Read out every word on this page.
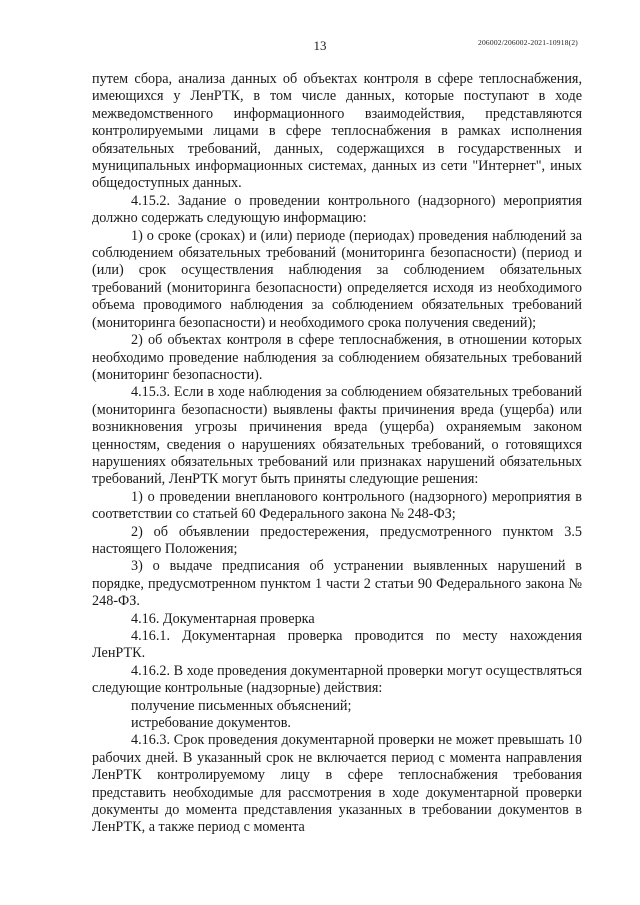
13	206002/206002-2021-10918(2)

путем сбора, анализа данных об объектах контроля в сфере теплоснабжения, имеющихся у ЛенРТК, в том числе данных, которые поступают в ходе межведомственного информационного взаимодействия, представляются контролируемыми лицами в сфере теплоснабжения в рамках исполнения обязательных требований, данных, содержащихся в государственных и муниципальных информационных системах, данных из сети "Интернет", иных общедоступных данных.

4.15.2. Задание о проведении контрольного (надзорного) мероприятия должно содержать следующую информацию:

1) о сроке (сроках) и (или) периоде (периодах) проведения наблюдений за соблюдением обязательных требований (мониторинга безопасности) (период и (или) срок осуществления наблюдения за соблюдением обязательных требований (мониторинга безопасности) определяется исходя из необходимого объема проводимого наблюдения за соблюдением обязательных требований (мониторинга безопасности) и необходимого срока получения сведений);

2) об объектах контроля в сфере теплоснабжения, в отношении которых необходимо проведение наблюдения за соблюдением обязательных требований (мониторинг безопасности).

4.15.3. Если в ходе наблюдения за соблюдением обязательных требований (мониторинга безопасности) выявлены факты причинения вреда (ущерба) или возникновения угрозы причинения вреда (ущерба) охраняемым законом ценностям, сведения о нарушениях обязательных требований, о готовящихся нарушениях обязательных требований или признаках нарушений обязательных требований, ЛенРТК могут быть приняты следующие решения:

1) о проведении внепланового контрольного (надзорного) мероприятия в соответствии со статьей 60 Федерального закона № 248-ФЗ;

2) об объявлении предостережения, предусмотренного пунктом 3.5 настоящего Положения;

3) о выдаче предписания об устранении выявленных нарушений в порядке, предусмотренном пунктом 1 части 2 статьи 90 Федерального закона № 248-ФЗ.

4.16. Документарная проверка

4.16.1. Документарная проверка проводится по месту нахождения ЛенРТК.

4.16.2. В ходе проведения документарной проверки могут осуществляться следующие контрольные (надзорные) действия:

получение письменных объяснений;

истребование документов.

4.16.3. Срок проведения документарной проверки не может превышать 10 рабочих дней. В указанный срок не включается период с момента направления ЛенРТК контролируемому лицу в сфере теплоснабжения требования представить необходимые для рассмотрения в ходе документарной проверки документы до момента представления указанных в требовании документов в ЛенРТК, а также период с момента
